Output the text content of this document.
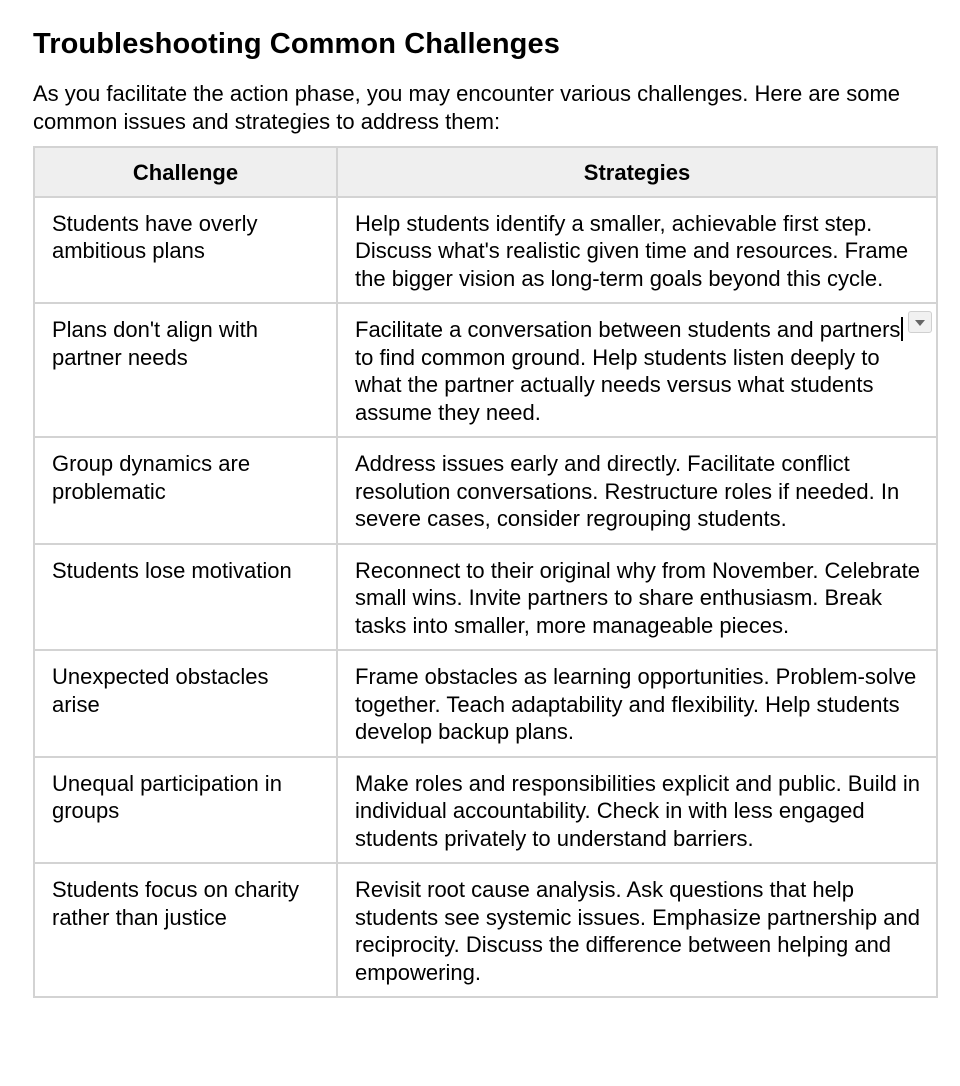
Troubleshooting Common Challenges

As you facilitate the action phase, you may encounter various challenges. Here are some common issues and strategies to address them:

Challenge	Strategies
Students have overly ambitious plans	Help students identify a smaller, achievable first step. Discuss what's realistic given time and resources. Frame the bigger vision as long-term goals beyond this cycle.
Plans don't align with partner needs	Facilitate a conversation between students and partnersto find common ground. Help students listen deeply to what the partner actually needs versus what students assume they need.

Group dynamics are problematic	Address issues early and directly. Facilitate conflict resolution conversations. Restructure roles if needed. In severe cases, consider regrouping students.
Students lose motivation	Reconnect to their original why from November. Celebrate small wins. Invite partners to share enthusiasm. Break tasks into smaller, more manageable pieces.
Unexpected obstacles arise	Frame obstacles as learning opportunities. Problem-solve together. Teach adaptability and flexibility. Help students develop backup plans.
Unequal participation in groups	Make roles and responsibilities explicit and public. Build in individual accountability. Check in with less engaged students privately to understand barriers.
Students focus on charity rather than justice	Revisit root cause analysis. Ask questions that help students see systemic issues. Emphasize partnership and reciprocity. Discuss the difference between helping and empowering.
